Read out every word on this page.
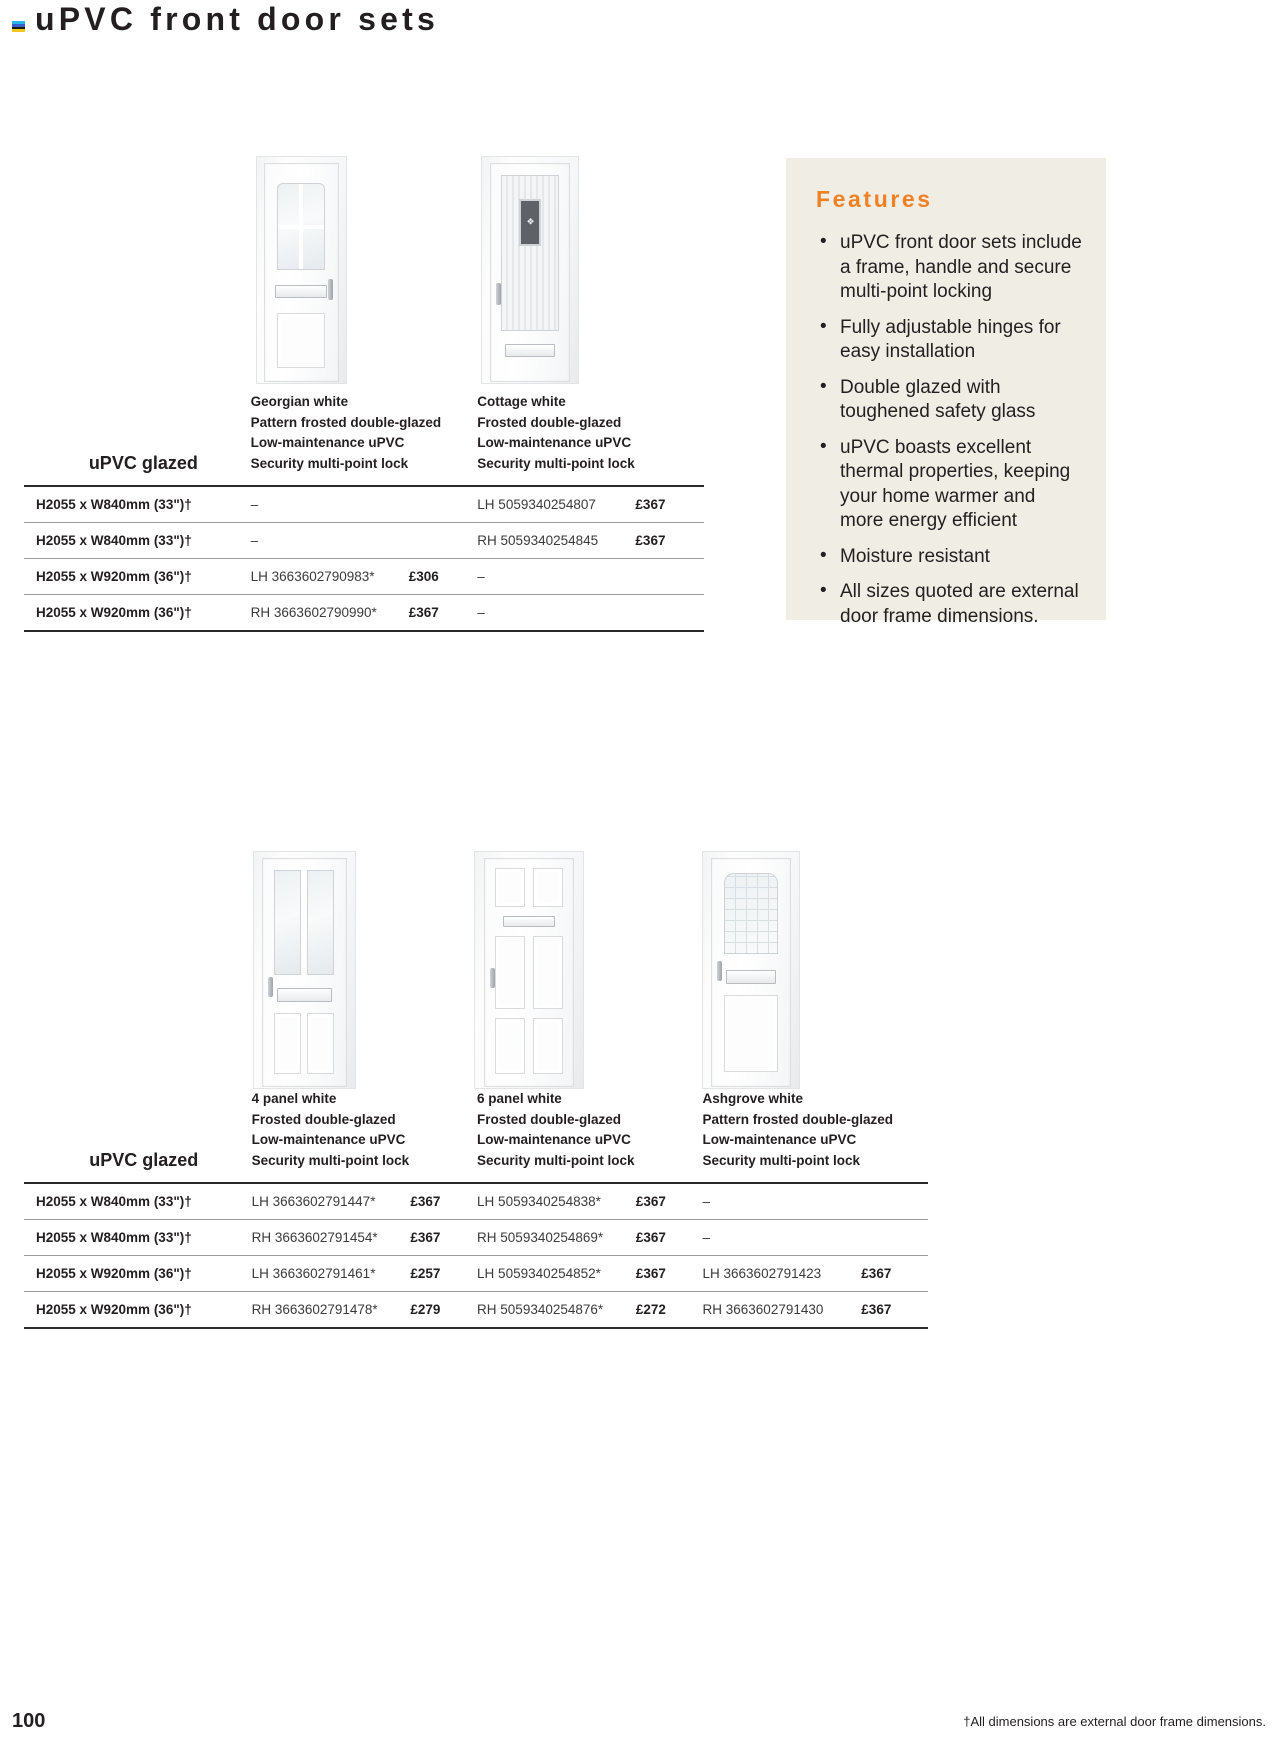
uPVC front door sets
❖
uPVC glazed	
Georgian white
Pattern frosted double-glazed
Low-maintenance uPVC
Security multi-point lock

Cottage white
Frosted double-glazed
Low-maintenance uPVC
Security multi-point lock

H2055 x W840mm (33")†	–		LH 5059340254807	£367
H2055 x W840mm (33")†	–		RH 5059340254845	£367
H2055 x W920mm (36")†	LH 3663602790983*	£306	–	
H2055 x W920mm (36")†	RH 3663602790990*	£367	–	
Features
• uPVC front door sets include a frame, handle and secure multi-point locking
• Fully adjustable hinges for easy installation
• Double glazed with toughened safety glass
• uPVC boasts excellent thermal properties, keeping your home warmer and more energy efficient
• Moisture resistant
• All sizes quoted are external door frame dimensions.
uPVC glazed	
4 panel white
Frosted double-glazed
Low-maintenance uPVC
Security multi-point lock

6 panel white
Frosted double-glazed
Low-maintenance uPVC
Security multi-point lock

Ashgrove white
Pattern frosted double-glazed
Low-maintenance uPVC
Security multi-point lock

H2055 x W840mm (33")†	LH 3663602791447*	£367	LH 5059340254838*	£367	–	
H2055 x W840mm (33")†	RH 3663602791454*	£367	RH 5059340254869*	£367	–	
H2055 x W920mm (36")†	LH 3663602791461*	£257	LH 5059340254852*	£367	LH 3663602791423	£367
H2055 x W920mm (36")†	RH 3663602791478*	£279	RH 5059340254876*	£272	RH 3663602791430	£367
100	†All dimensions are external door frame dimensions.
